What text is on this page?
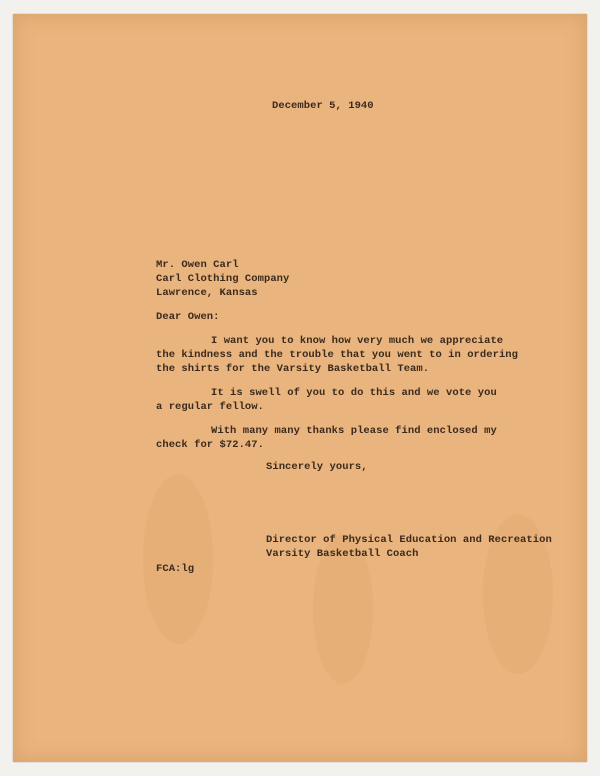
December 5, 1940
Mr. Owen Carl
Carl Clothing Company
Lawrence, Kansas
Dear Owen:
I want you to know how very much we appreciate
the kindness and the trouble that you went to in ordering
the shirts for the Varsity Basketball Team.
It is swell of you to do this and we vote you
a regular fellow.
With many many thanks please find enclosed my
check for $72.47.
Sincerely yours,
Director of Physical Education and Recreation
Varsity Basketball Coach
FCA:lg
